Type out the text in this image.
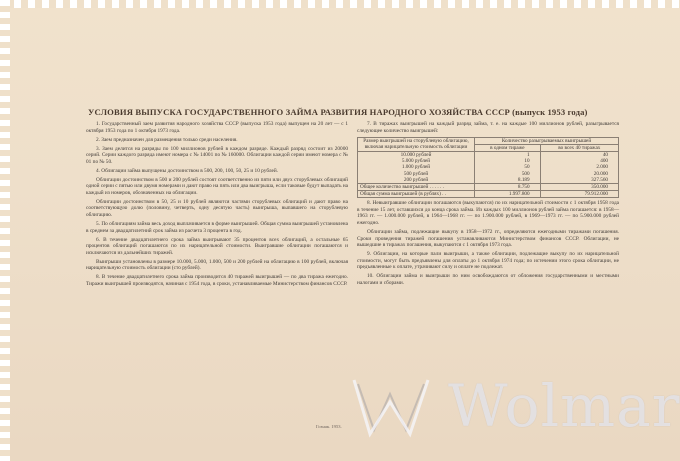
УСЛОВИЯ ВЫПУСКА ГОСУДАРСТВЕННОГО ЗАЙМА РАЗВИТИЯ НАРОДНОГО ХОЗЯЙСТВА СССР (выпуск 1953 года)

1. Государственный заем развития народного хозяйства СССР (выпуска 1953 года) выпущен на 20 лет — с 1 октября 1953 года по 1 октября 1973 года.

2. Заем предназначен для размещения только среди населения.

3. Заем делится на разряды по 100 миллионов рублей в каждом разряде. Каждый разряд состоит из 20000 серий. Серии каждого разряда имеют номера с № 14001 по № 160000. Облигации каждой серии имеют номера с № 01 по № 50.

4. Облигации займа выпущены достоинством в 500, 200, 100, 50, 25 и 10 рублей.

Облигации достоинством в 500 и 200 рублей состоят соответственно из пяти или двух сторублевых облигаций одной серии с пятью или двумя номерами и дают право на пять или два выигрыша, если таковые будут выпадать на каждый из номеров, обозначенных на облигации.

Облигации достоинством в 50, 25 и 10 рублей являются частями сторублевых облигаций и дают право на соответствующую долю (половину, четверть, одну десятую часть) выигрыша, выпавшего на сторублевую облигацию.

5. По облигациям займа весь доход выплачивается в форме выигрышей. Общая сумма выигрышей установлена в среднем за двадцатилетний срок займа из расчета 3 процента в год.

6. В течение двадцатилетнего срока займа выигрывают 35 процентов всех облигаций, а остальные 65 процентов облигаций погашаются по их нарицательной стоимости. Выигравшие облигации погашаются и исключаются из дальнейших тиражей.

Выигрыши установлены в размере 10.000, 5.000, 1.000, 500 и 200 рублей на облигацию в 100 рублей, включая нарицательную стоимость облигации (сто рублей).

8. В течение двадцатилетнего срока займа производится 40 тиражей выигрышей — по два тиража ежегодно. Тиражи выигрышей производятся, начиная с 1954 года, в сроки, устанавливаемые Министерством финансов СССР.

7. В тиражах выигрышей на каждый разряд займа, т. е. на каждые 100 миллионов рублей, разыгрывается следующее количество выигрышей:

Размер выигрышей на сторублевую облигацию, включая нарицательную стоимость облигации	Количество разыгрываемых выигрышей	
	в одном тираже	во всех 40 тиражах
10.000 рублей	1	40
5.000 рублей	10	400
1.000 рублей	50	2.000
500 рублей	500	20.000
200 рублей	8.189	327.560
Общее количество выигрышей . . . . . .	8.750	350.000
Общая сумма выигрышей (в рублях) . .	1.997.800	79.912.000

8. Невыигравшие облигации погашаются (выкупаются) по их нарицательной стоимости с 1 октября 1958 года в течение 15 лет, оставшихся до конца срока займа. Из каждых 100 миллионов рублей займа погашается: в 1958—1963 гг. — 1.000.000 рублей, в 1964—1968 гг. — по 1.900.000 рублей, в 1969—1973 гг. — по 5.900.000 рублей ежегодно.

Облигации займа, подлежащие выкупу в 1958—1972 гг., определяются ежегодными тиражами погашения. Сроки проведения тиражей погашения устанавливаются Министерством финансов СССР. Облигации, не вышедшие в тиражах погашения, выкупаются с 1 октября 1973 года.

9. Облигации, на которые пали выигрыши, а также облигации, подлежащие выкупу по их нарицательной стоимости, могут быть предъявлены для оплаты до 1 октября 1974 года; по истечении этого срока облигации, не предъявленные к оплате, утрачивают силу и оплате не подлежат.

10. Облигации займа и выигрыши по ним освобождаются от обложения государственными и местными налогами и сборами.

Гознак. 1953. Wolmar
